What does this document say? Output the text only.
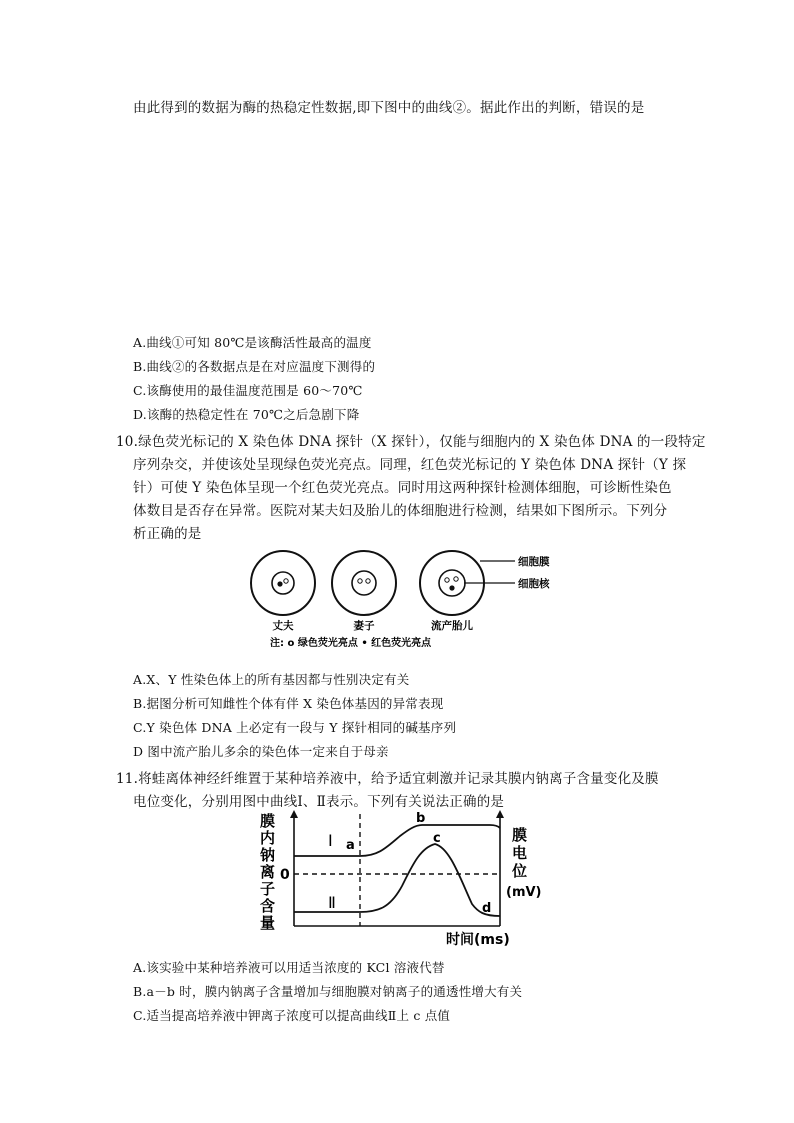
由此得到的数据为酶的热稳定性数据,即下图中的曲线②。据此作出的判断，错误的是
A.曲线①可知 80℃是该酶活性最高的温度
B.曲线②的各数据点是在对应温度下测得的
C.该酶使用的最佳温度范围是 60～70℃
D.该酶的热稳定性在 70℃之后急剧下降
10.绿色荧光标记的 X 染色体 DNA 探针（X 探针），仅能与细胞内的 X 染色体 DNA 的一段特定
序列杂交，并使该处呈现绿色荧光亮点。同理，红色荧光标记的 Y 染色体 DNA 探针（Y 探
针）可使 Y 染色体呈现一个红色荧光亮点。同时用这两种探针检测体细胞，可诊断性染色
体数目是否存在异常。医院对某夫妇及胎儿的体细胞进行检测，结果如下图所示。下列分
析正确的是
细胞膜
细胞核
丈夫	妻子	流产胎儿
注: o 绿色荧光亮点 • 红色荧光亮点
A.X、Y 性染色体上的所有基因都与性别决定有关
B.据图分析可知雌性个体有伴 X 染色体基因的异常表现
C.Y 染色体 DNA 上必定有一段与 Y 探针相同的碱基序列
D 图中流产胎儿多余的染色体一定来自于母亲
11.将蛙离体神经纤维置于某种培养液中，给予适宜刺激并记录其膜内钠离子含量变化及膜
电位变化，分别用图中曲线Ⅰ、Ⅱ表示。下列有关说法正确的是
膜
内
钠
离
子
含
量
0
Ⅰ
Ⅱ
a
b
c
d
膜
电
位
(mV)
时间(ms)
A.该实验中某种培养液可以用适当浓度的 KCl 溶液代替
B.a－b 时，膜内钠离子含量增加与细胞膜对钠离子的通透性增大有关
C.适当提高培养液中钾离子浓度可以提高曲线Ⅱ上 c 点值
